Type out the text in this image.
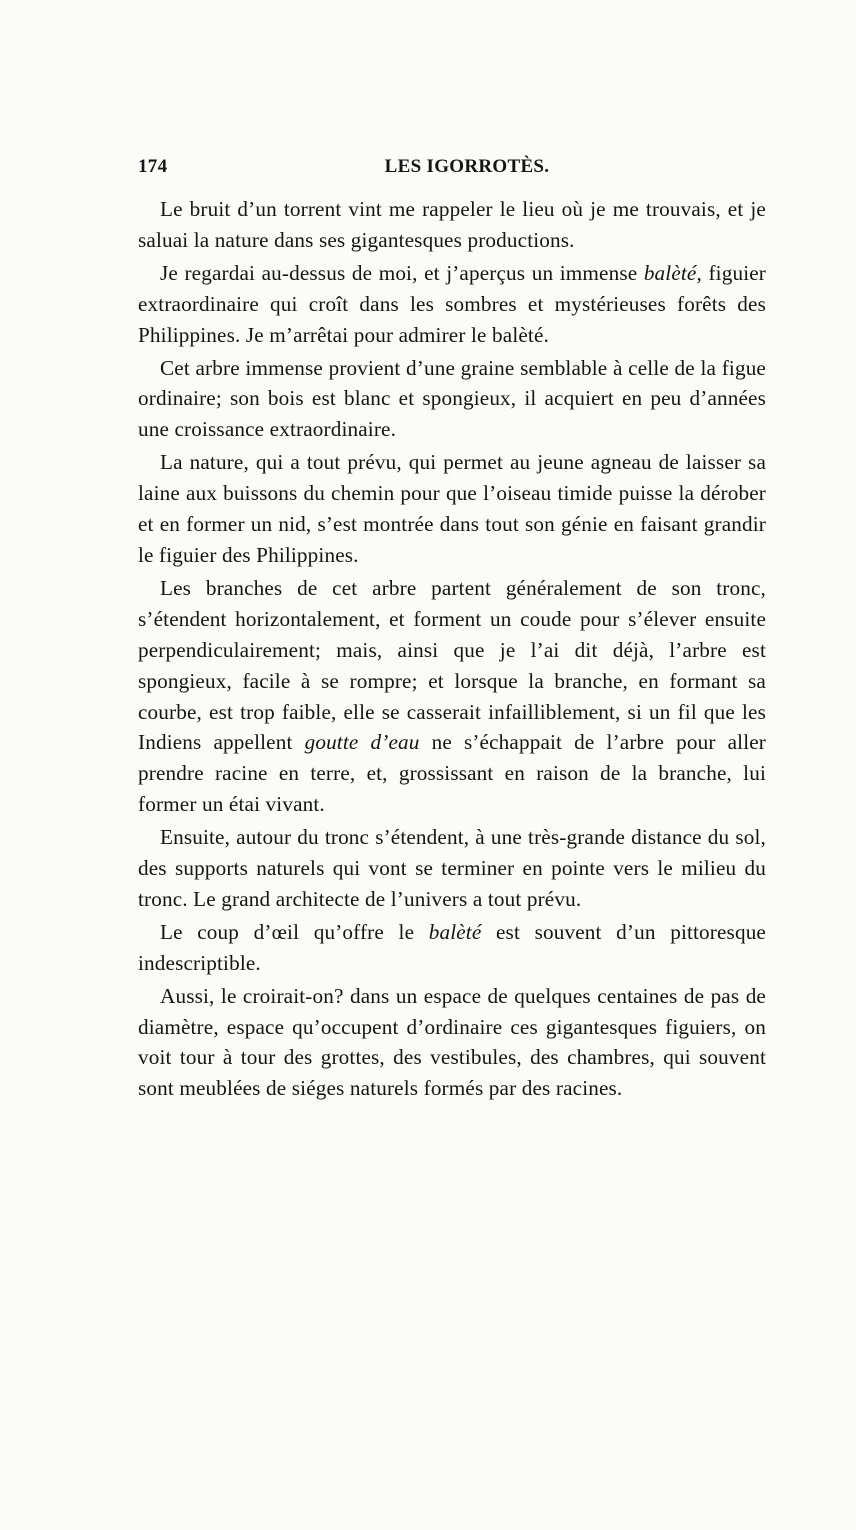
174	LES IGORROTÈS.

Le bruit d’un torrent vint me rappeler le lieu où je me trouvais, et je saluai la nature dans ses gigantesques productions.

Je regardai au-dessus de moi, et j’aperçus un immense balèté, figuier extraordinaire qui croît dans les sombres et mystérieuses forêts des Philippines. Je m’arrêtai pour admirer le balèté.

Cet arbre immense provient d’une graine semblable à celle de la figue ordinaire; son bois est blanc et spongieux, il acquiert en peu d’années une croissance extraordinaire.

La nature, qui a tout prévu, qui permet au jeune agneau de laisser sa laine aux buissons du chemin pour que l’oiseau timide puisse la dérober et en former un nid, s’est montrée dans tout son génie en faisant grandir le figuier des Philippines.

Les branches de cet arbre partent généralement de son tronc, s’étendent horizontalement, et forment un coude pour s’élever ensuite perpendiculairement; mais, ainsi que je l’ai dit déjà, l’arbre est spongieux, facile à se rompre; et lorsque la branche, en formant sa courbe, est trop faible, elle se casserait infailliblement, si un fil que les Indiens appellent goutte d’eau ne s’échappait de l’arbre pour aller prendre racine en terre, et, grossissant en raison de la branche, lui former un étai vivant.

Ensuite, autour du tronc s’étendent, à une très-grande distance du sol, des supports naturels qui vont se terminer en pointe vers le milieu du tronc. Le grand architecte de l’univers a tout prévu.

Le coup d’œil qu’offre le balèté est souvent d’un pittoresque indescriptible.

Aussi, le croirait-on? dans un espace de quelques centaines de pas de diamètre, espace qu’occupent d’ordinaire ces gigantesques figuiers, on voit tour à tour des grottes, des vestibules, des chambres, qui souvent sont meublées de siéges naturels formés par des racines.
